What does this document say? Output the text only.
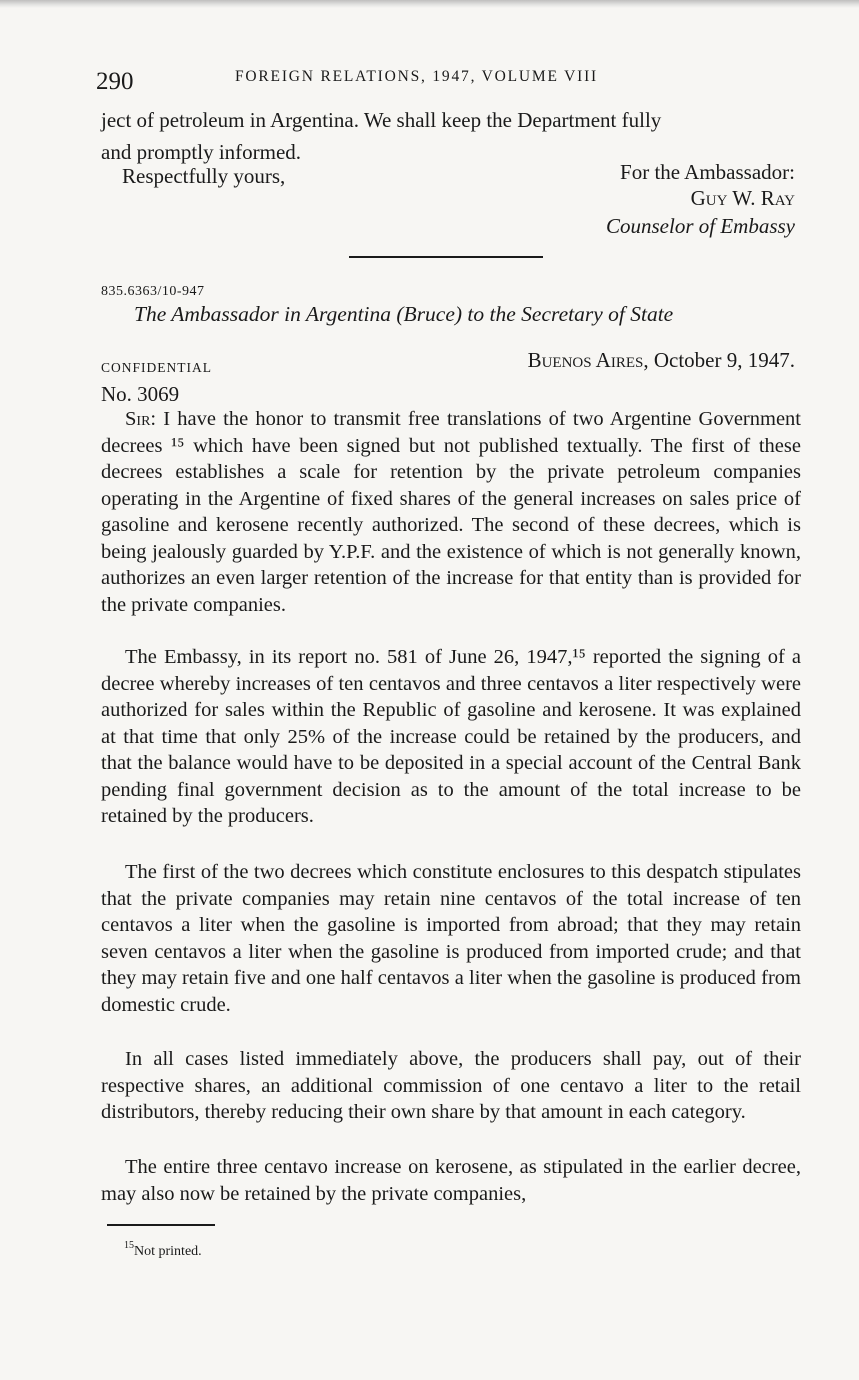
290	FOREIGN RELATIONS, 1947, VOLUME VIII
ject of petroleum in Argentina. We shall keep the Department fully
and promptly informed.
Respectfully yours,	For the Ambassador:
Guy W. Ray
Counselor of Embassy
835.6363/10-947
The Ambassador in Argentina (Bruce) to the Secretary of State
CONFIDENTIAL	Buenos Aires, October 9, 1947.
No. 3069
Sir: I have the honor to transmit free translations of two Argentine Government decrees ¹⁵ which have been signed but not published textually. The first of these decrees establishes a scale for retention by the private petroleum companies operating in the Argentine of fixed shares of the general increases on sales price of gasoline and kerosene recently authorized. The second of these decrees, which is being jealously guarded by Y.P.F. and the existence of which is not generally known, authorizes an even larger retention of the increase for that entity than is provided for the private companies.
The Embassy, in its report no. 581 of June 26, 1947,¹⁵ reported the signing of a decree whereby increases of ten centavos and three centavos a liter respectively were authorized for sales within the Republic of gasoline and kerosene. It was explained at that time that only 25% of the increase could be retained by the producers, and that the balance would have to be deposited in a special account of the Central Bank pending final government decision as to the amount of the total increase to be retained by the producers.
The first of the two decrees which constitute enclosures to this despatch stipulates that the private companies may retain nine centavos of the total increase of ten centavos a liter when the gasoline is imported from abroad; that they may retain seven centavos a liter when the gasoline is produced from imported crude; and that they may retain five and one half centavos a liter when the gasoline is produced from domestic crude.
In all cases listed immediately above, the producers shall pay, out of their respective shares, an additional commission of one centavo a liter to the retail distributors, thereby reducing their own share by that amount in each category.
The entire three centavo increase on kerosene, as stipulated in the earlier decree, may also now be retained by the private companies,
$^{15}$Not printed.
